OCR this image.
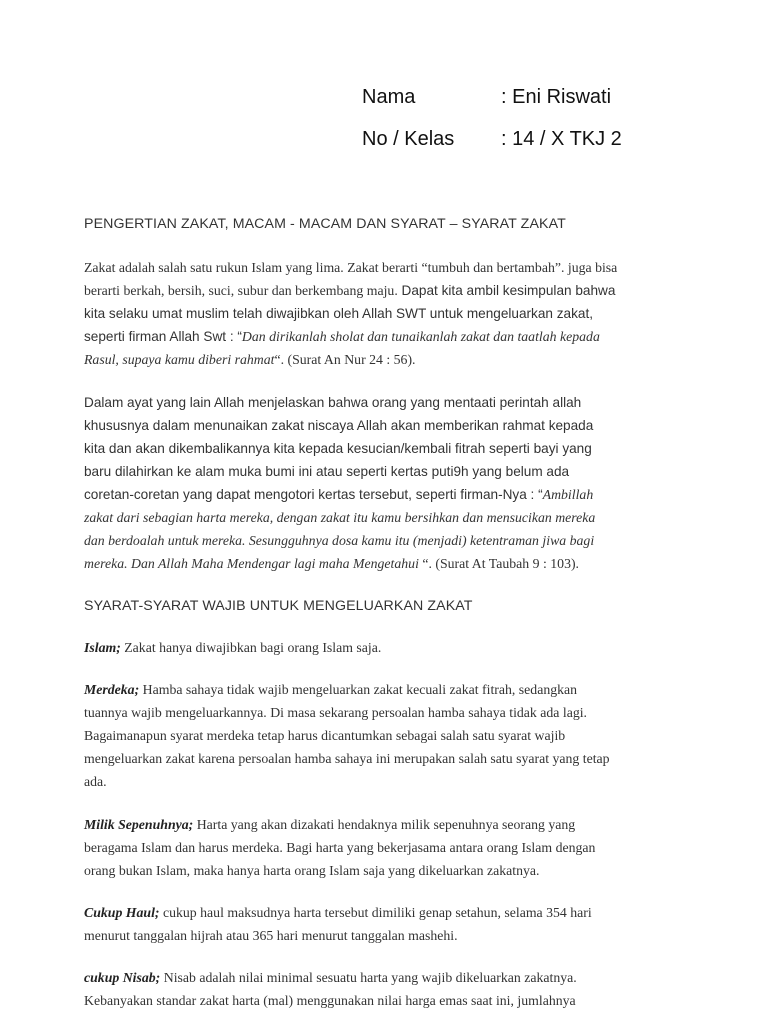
Nama	: Eni Riswati
No / Kelas : 14 / X TKJ 2
PENGERTIAN ZAKAT, MACAM - MACAM DAN SYARAT – SYARAT ZAKAT
Zakat adalah salah satu rukun Islam yang lima. Zakat berarti “tumbuh dan bertambah”. juga bisa
berarti berkah, bersih, suci, subur dan berkembang maju. Dapat kita ambil kesimpulan bahwa
kita selaku umat muslim telah diwajibkan oleh Allah SWT untuk mengeluarkan zakat,
seperti firman Allah Swt : “Dan dirikanlah sholat dan tunaikanlah zakat dan taatlah kepada
Rasul, supaya kamu diberi rahmat“. (Surat An Nur 24 : 56).
Dalam ayat yang lain Allah menjelaskan bahwa orang yang mentaati perintah allah
khususnya dalam menunaikan zakat niscaya Allah akan memberikan rahmat kepada
kita dan akan dikembalikannya kita kepada kesucian/kembali fitrah seperti bayi yang
baru dilahirkan ke alam muka bumi ini atau seperti kertas puti9h yang belum ada
coretan-coretan yang dapat mengotori kertas tersebut, seperti firman-Nya : “Ambillah
zakat dari sebagian harta mereka, dengan zakat itu kamu bersihkan dan mensucikan mereka
dan berdoalah untuk mereka. Sesungguhnya dosa kamu itu (menjadi) ketentraman jiwa bagi
mereka. Dan Allah Maha Mendengar lagi maha Mengetahui “. (Surat At Taubah 9 : 103).
SYARAT-SYARAT WAJIB UNTUK MENGELUARKAN ZAKAT
Islam; Zakat hanya diwajibkan bagi orang Islam saja.
Merdeka; Hamba sahaya tidak wajib mengeluarkan zakat kecuali zakat fitrah, sedangkan
tuannya wajib mengeluarkannya. Di masa sekarang persoalan hamba sahaya tidak ada lagi.
Bagaimanapun syarat merdeka tetap harus dicantumkan sebagai salah satu syarat wajib
mengeluarkan zakat karena persoalan hamba sahaya ini merupakan salah satu syarat yang tetap
ada.
Milik Sepenuhnya; Harta yang akan dizakati hendaknya milik sepenuhnya seorang yang
beragama Islam dan harus merdeka. Bagi harta yang bekerjasama antara orang Islam dengan
orang bukan Islam, maka hanya harta orang Islam saja yang dikeluarkan zakatnya.
Cukup Haul; cukup haul maksudnya harta tersebut dimiliki genap setahun, selama 354 hari
menurut tanggalan hijrah atau 365 hari menurut tanggalan mashehi.
cukup Nisab; Nisab adalah nilai minimal sesuatu harta yang wajib dikeluarkan zakatnya.
Kebanyakan standar zakat harta (mal) menggunakan nilai harga emas saat ini, jumlahnya
